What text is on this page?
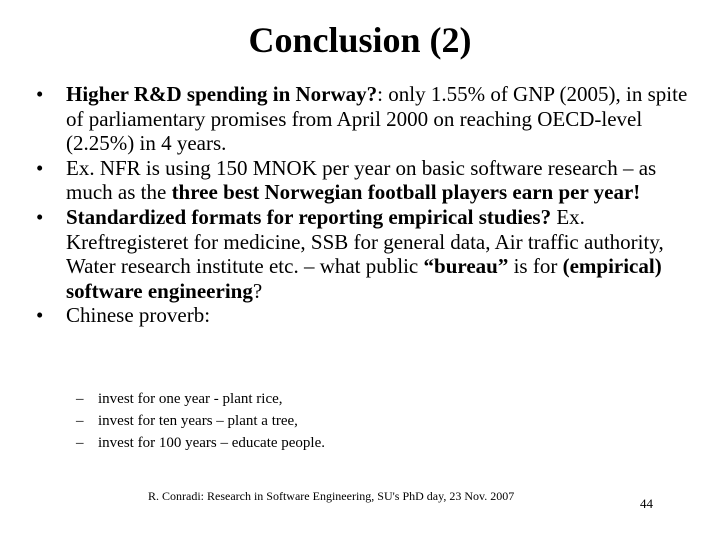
Conclusion (2)
•	Higher R&D spending in Norway?: only 1.55% of GNP (2005), in spite of parliamentary promises from April 2000 on reaching OECD-level (2.25%) in 4 years.
•	Ex. NFR is using 150 MNOK per year on basic software research – as much as the three best Norwegian football players earn per year!
•	Standardized formats for reporting empirical studies? Ex. Kreftregisteret for medicine, SSB for general data, Air traffic authority, Water research institute etc. – what public “bureau” is for (empirical) software engineering?
•	Chinese proverb:
– invest for one year - plant rice,
– invest for ten years – plant a tree,
– invest for 100 years – educate people.
R. Conradi: Research in Software Engineering, SU's PhD day, 23 Nov. 2007	44
